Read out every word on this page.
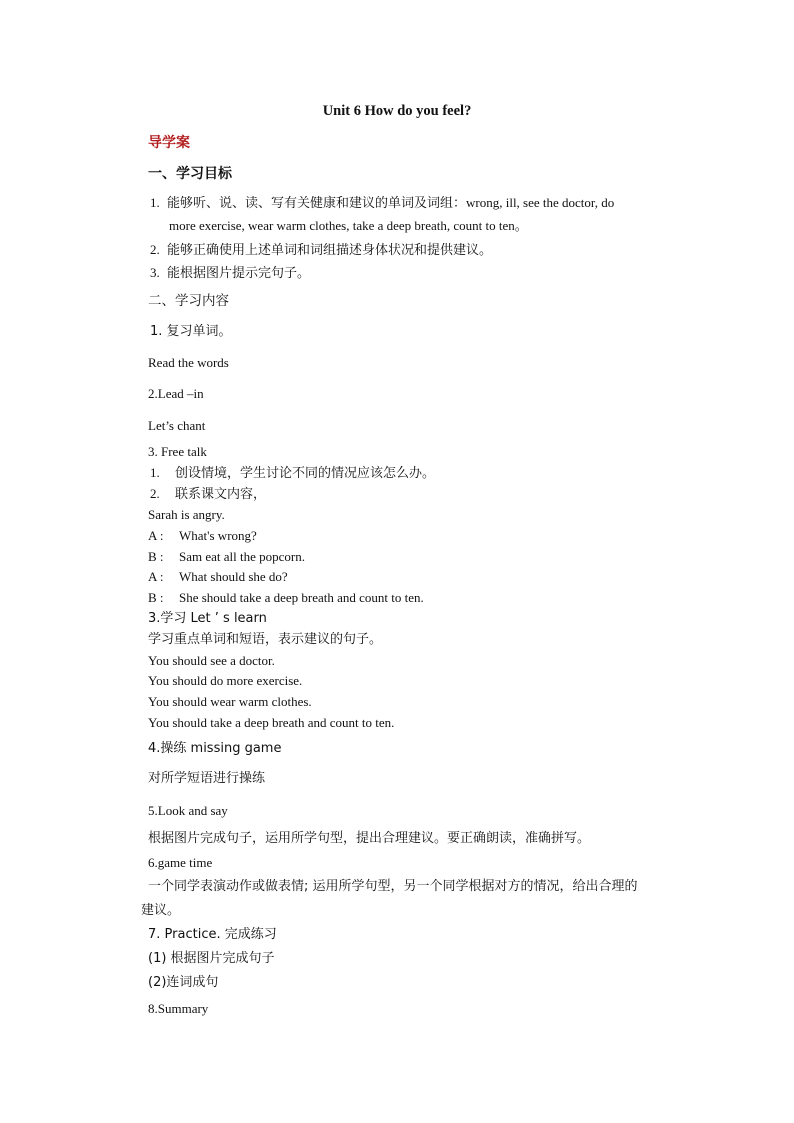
Unit 6 How do you feel?
导学案
一、学习目标
1. 能够听、说、读、写有关健康和建议的单词及词组：wrong, ill, see the doctor, do
more exercise, wear warm clothes, take a deep breath, count to ten。
2. 能够正确使用上述单词和词组描述身体状况和提供建议。
3. 能根据图片提示完句子。
二、学习内容
1. 复习单词。
Read the words
2.Lead –in
Let’s chant
3. Free talk
1. 创设情境，学生讨论不同的情况应该怎么办。
2. 联系课文内容，
Sarah is angry.
A : What's wrong?
B : Sam eat all the popcorn.
A : What should she do?
B : She should take a deep breath and count to ten.
3.学习 Let ’ s learn
学习重点单词和短语，表示建议的句子。
You should see a doctor.
You should do more exercise.
You should wear warm clothes.
You should take a deep breath and count to ten.
4.操练 missing game
对所学短语进行操练
5.Look and say
根据图片完成句子，运用所学句型，提出合理建议。要正确朗读，准确拼写。
6.game time
一个同学表演动作或做表情; 运用所学句型，另一个同学根据对方的情况，给出合理的
建议。
7. Practice. 完成练习
(1) 根据图片完成句子
(2)连词成句
8.Summary
